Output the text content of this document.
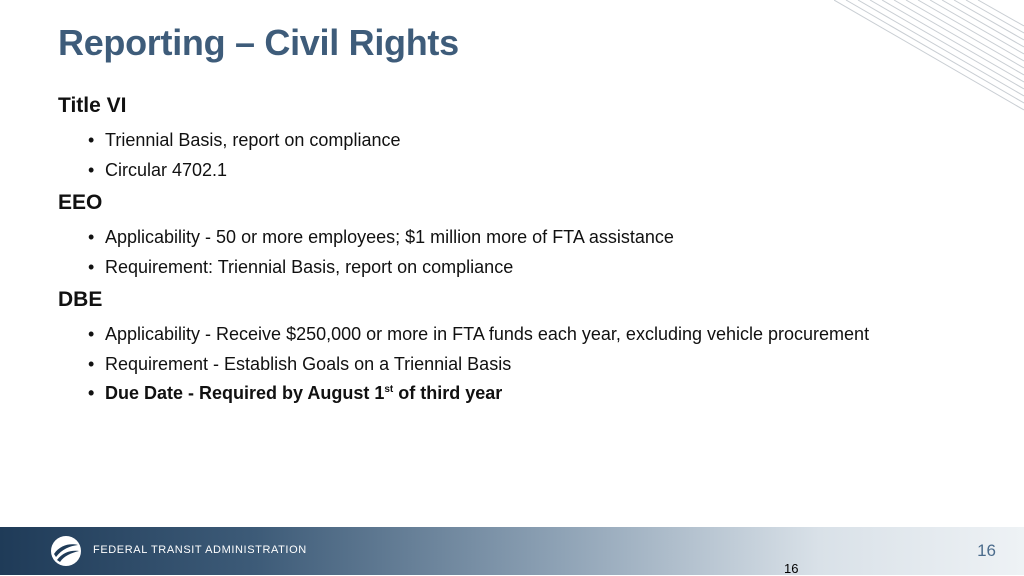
Reporting – Civil Rights
Title VI
• Triennial Basis, report on compliance
• Circular 4702.1
EEO
• Applicability - 50 or more employees; $1 million more of FTA assistance
• Requirement: Triennial Basis, report on compliance
DBE
• Applicability - Receive $250,000 or more in FTA funds each year, excluding vehicle procurement
• Requirement - Establish Goals on a Triennial Basis
• Due Date - Required by August 1st of third year
FEDERAL TRANSIT ADMINISTRATION	16
16
